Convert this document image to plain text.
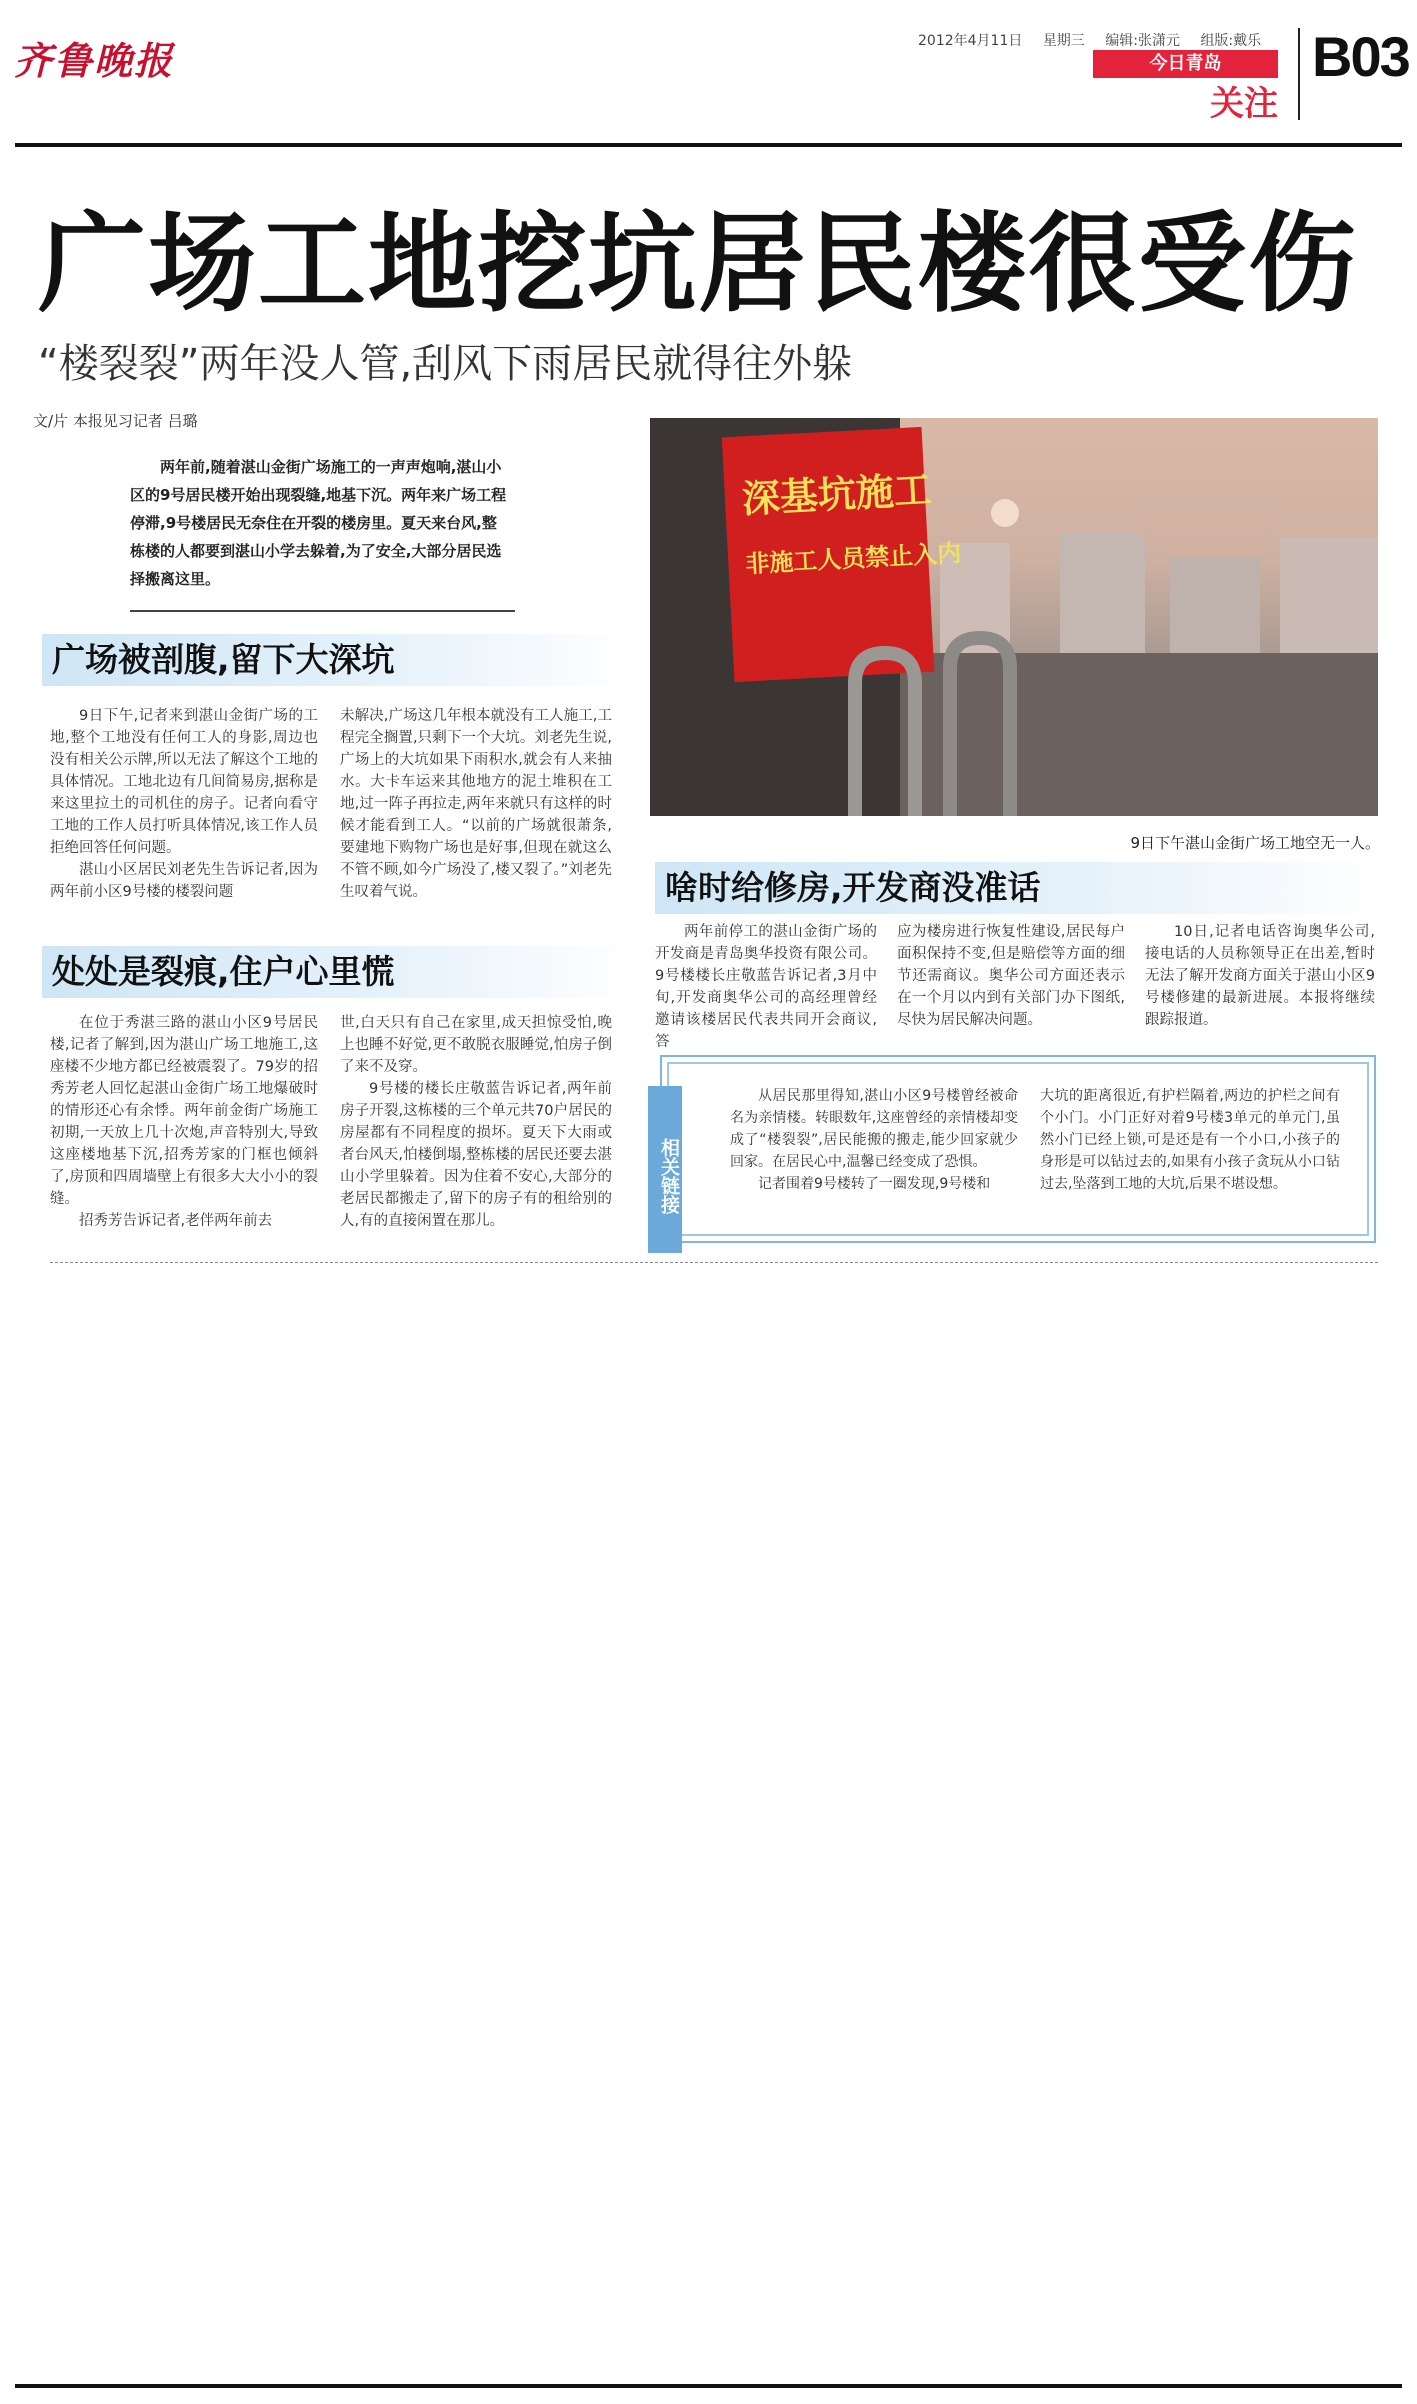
齐鲁晚报	2012年4月11日 星期三 编辑:张潇元 组版:戴乐
今日青岛
关注
B03
广场工地挖坑居民楼很受伤
“楼裂裂”两年没人管,刮风下雨居民就得往外躲
文/片 本报见习记者 吕璐
两年前,随着湛山金街广场施工的一声声炮响,湛山小区的9号居民楼开始出现裂缝,地基下沉。两年来广场工程停滞,9号楼居民无奈住在开裂的楼房里。夏天来台风,整栋楼的人都要到湛山小学去躲着,为了安全,大部分居民选择搬离这里。
广场被剖腹,留下大深坑

9日下午,记者来到湛山金街广场的工地,整个工地没有任何工人的身影,周边也没有相关公示牌,所以无法了解这个工地的具体情况。工地北边有几间简易房,据称是来这里拉土的司机住的房子。记者向看守工地的工作人员打听具体情况,该工作人员拒绝回答任何问题。

湛山小区居民刘老先生告诉记者,因为两年前小区9号楼的楼裂问题

未解决,广场这几年根本就没有工人施工,工程完全搁置,只剩下一个大坑。刘老先生说,广场上的大坑如果下雨积水,就会有人来抽水。大卡车运来其他地方的泥土堆积在工地,过一阵子再拉走,两年来就只有这样的时候才能看到工人。“以前的广场就很萧条,要建地下购物广场也是好事,但现在就这么不管不顾,如今广场没了,楼又裂了。”刘老先生叹着气说。

处处是裂痕,住户心里慌

在位于秀湛三路的湛山小区9号居民楼,记者了解到,因为湛山广场工地施工,这座楼不少地方都已经被震裂了。79岁的招秀芳老人回忆起湛山金街广场工地爆破时的情形还心有余悸。两年前金街广场施工初期,一天放上几十次炮,声音特别大,导致这座楼地基下沉,招秀芳家的门框也倾斜了,房顶和四周墙壁上有很多大大小小的裂缝。

招秀芳告诉记者,老伴两年前去

世,白天只有自己在家里,成天担惊受怕,晚上也睡不好觉,更不敢脱衣服睡觉,怕房子倒了来不及穿。

9号楼的楼长庄敬蓝告诉记者,两年前房子开裂,这栋楼的三个单元共70户居民的房屋都有不同程度的损坏。夏天下大雨或者台风天,怕楼倒塌,整栋楼的居民还要去湛山小学里躲着。因为住着不安心,大部分的老居民都搬走了,留下的房子有的租给别的人,有的直接闲置在那儿。

深基坑施工
非施工人员禁止入内
9日下午湛山金街广场工地空无一人。
啥时给修房,开发商没准话

两年前停工的湛山金街广场的开发商是青岛奥华投资有限公司。9号楼楼长庄敬蓝告诉记者,3月中旬,开发商奥华公司的高经理曾经邀请该楼居民代表共同开会商议,答

应为楼房进行恢复性建设,居民每户面积保持不变,但是赔偿等方面的细节还需商议。奥华公司方面还表示在一个月以内到有关部门办下图纸,尽快为居民解决问题。

10日,记者电话咨询奥华公司,接电话的人员称领导正在出差,暂时无法了解开发商方面关于湛山小区9号楼修建的最新进展。本报将继续跟踪报道。

相关链接

从居民那里得知,湛山小区9号楼曾经被命名为亲情楼。转眼数年,这座曾经的亲情楼却变成了“楼裂裂”,居民能搬的搬走,能少回家就少回家。在居民心中,温馨已经变成了恐惧。

记者围着9号楼转了一圈发现,9号楼和

大坑的距离很近,有护栏隔着,两边的护栏之间有个小门。小门正好对着9号楼3单元的单元门,虽然小门已经上锁,可是还是有一个小口,小孩子的身形是可以钻过去的,如果有小孩子贪玩从小口钻过去,坠落到工地的大坑,后果不堪设想。
